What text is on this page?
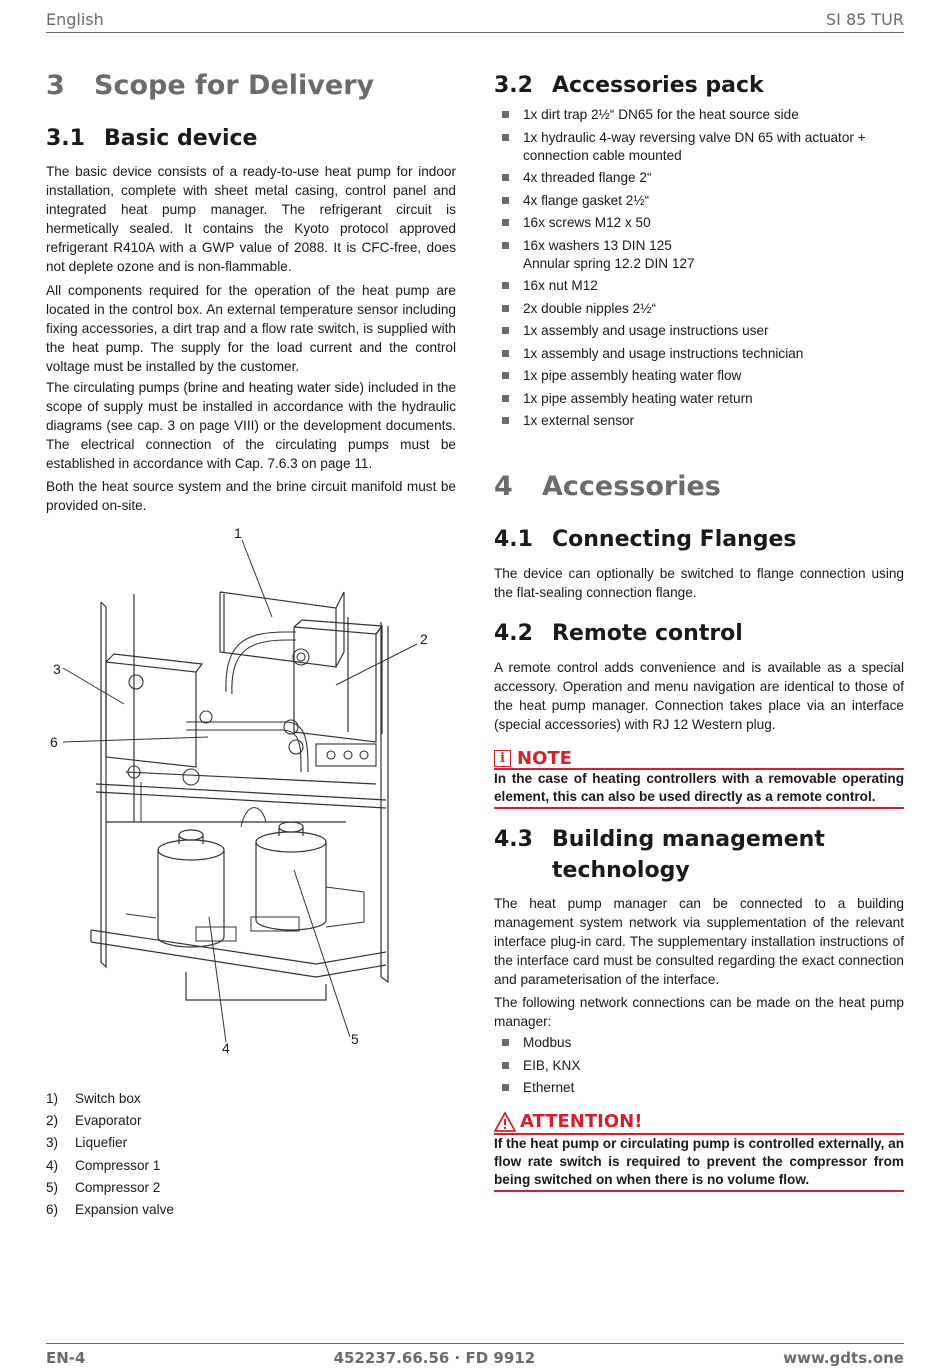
English	SI 85 TUR
3	Scope for Delivery
3.1 Basic device

The basic device consists of a ready-to-use heat pump for indoor installation, complete with sheet metal casing, control panel and integrated heat pump manager. The refrigerant circuit is hermetically sealed. It contains the Kyoto protocol approved refrigerant R410A with a GWP value of 2088. It is CFC-free, does not deplete ozone and is non-flammable.

All components required for the operation of the heat pump are located in the control box. An external temperature sensor including fixing accessories, a dirt trap and a flow rate switch, is supplied with the heat pump. The supply for the load current and the control voltage must be installed by the customer.

The circulating pumps (brine and heating water side) included in the scope of supply must be installed in accordance with the hydraulic diagrams (see cap. 3 on page VIII) or the development documents. The electrical connection of the circulating pumps must be established in accordance with Cap. 7.6.3 on page 11.

Both the heat source system and the brine circuit manifold must be provided on-site.

1
2
3
4
5
6
1)	Switch box
2)	Evaporator
3)	Liquefier
4)	Compressor 1
5)	Compressor 2
6)	Expansion valve
3.2 Accessories pack
1x dirt trap 2½“ DN65 for the heat source side
1x hydraulic 4-way reversing valve DN 65 with actuator + connection cable mounted
4x threaded flange 2“
4x flange gasket 2½“
16x screws M12 x 50
16x washers 13 DIN 125
Annular spring 12.2 DIN 127
16x nut M12
2x double nipples 2½“
1x assembly and usage instructions user
1x assembly and usage instructions technician
1x pipe assembly heating water flow
1x pipe assembly heating water return
1x external sensor
4	Accessories
4.1 Connecting Flanges

The device can optionally be switched to flange connection using the flat-sealing connection flange.

4.2 Remote control

A remote control adds convenience and is available as a special accessory. Operation and menu navigation are identical to those of the heat pump manager. Connection takes place via an interface (special accessories) with RJ 12 Western plug.

i NOTE
In the case of heating controllers with a removable operating element, this can also be used directly as a remote control.
4.3 Building management
technology

The heat pump manager can be connected to a building management system network via supplementation of the relevant interface plug-in card. The supplementary installation instructions of the interface card must be consulted regarding the exact connection and parameterisation of the interface.

The following network connections can be made on the heat pump manager:

Modbus
EIB, KNX
Ethernet
ATTENTION!
If the heat pump or circulating pump is controlled externally, an flow rate switch is required to prevent the compressor from being switched on when there is no volume flow.
EN-4	452237.66.56 · FD 9912	www.gdts.one
